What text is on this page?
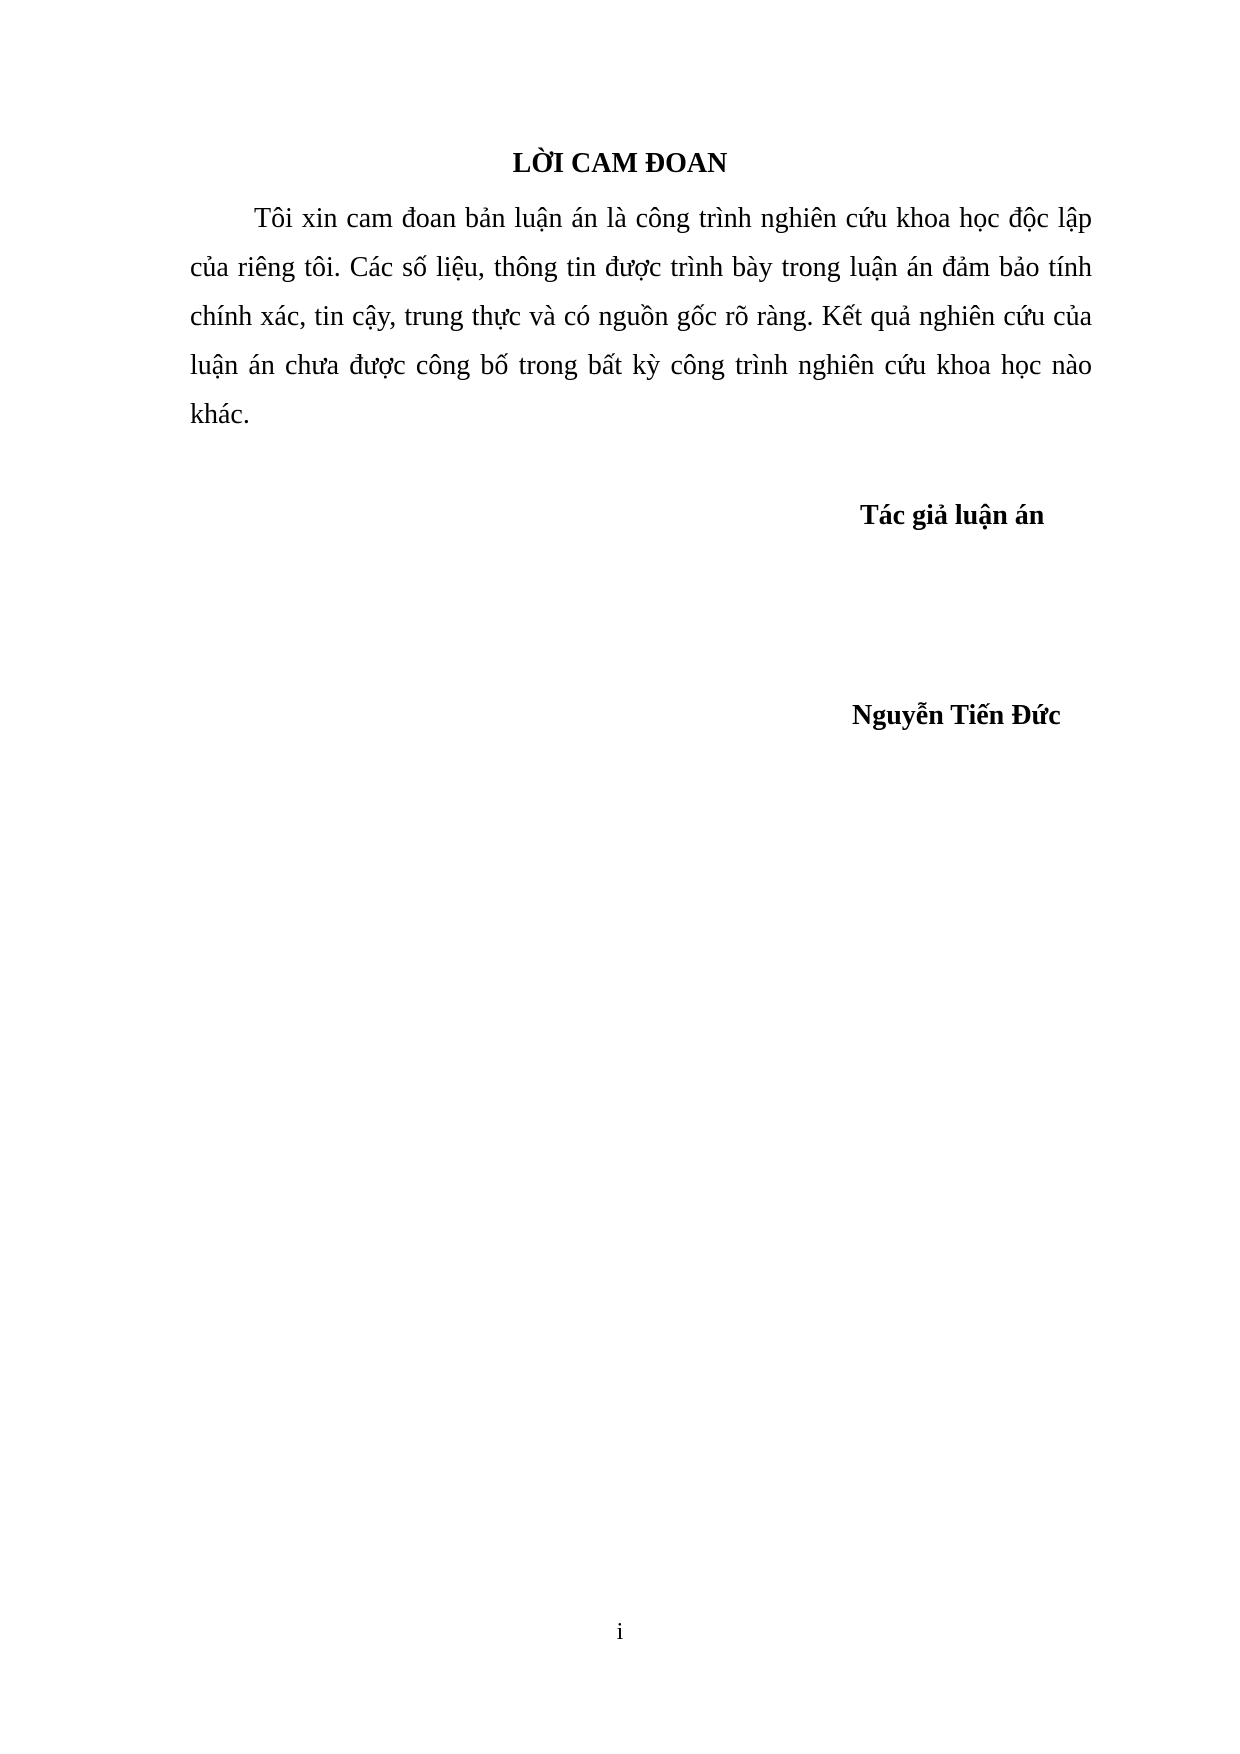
LỜI CAM ĐOAN

Tôi xin cam đoan bản luận án là công trình nghiên cứu khoa học độc lập của riêng tôi. Các số liệu, thông tin được trình bày trong luận án đảm bảo tính chính xác, tin cậy, trung thực và có nguồn gốc rõ ràng. Kết quả nghiên cứu của luận án chưa được công bố trong bất kỳ công trình nghiên cứu khoa học nào khác.

Tác giả luận án
Nguyễn Tiến Đức
i
